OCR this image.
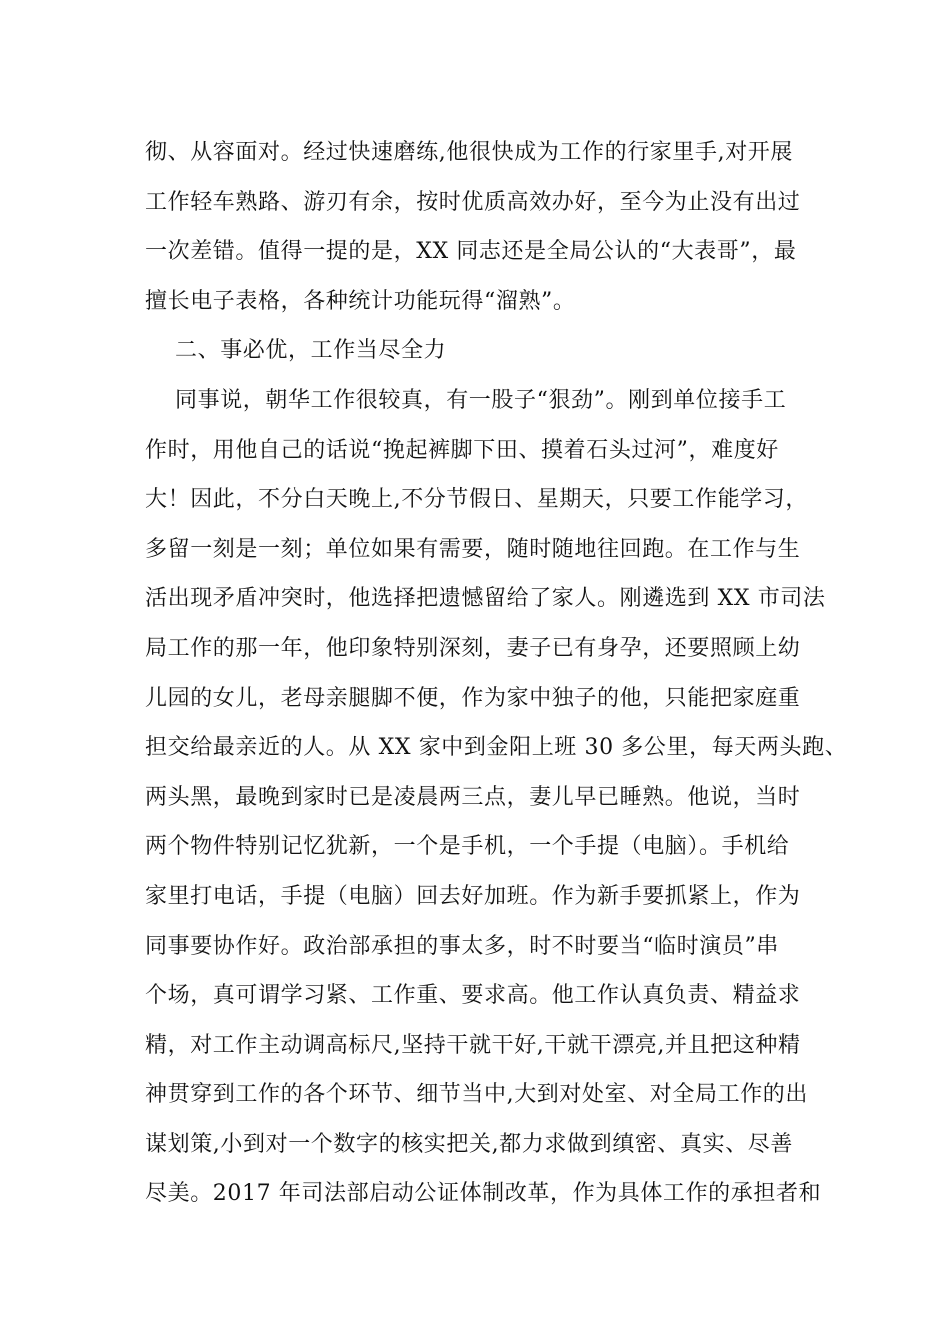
彻、从容面对。经过快速磨练,他很快成为工作的行家里手,对开展
工作轻车熟路、游刃有余，按时优质高效办好，至今为止没有出过
一次差错。值得一提的是，XX 同志还是全局公认的“大表哥”，最
擅长电子表格，各种统计功能玩得“溜熟”。
二、事必优，工作当尽全力
同事说，朝华工作很较真，有一股子“狠劲”。刚到单位接手工
作时，用他自己的话说“挽起裤脚下田、摸着石头过河”，难度好
大！因此，不分白天晚上,不分节假日、星期天，只要工作能学习，
多留一刻是一刻；单位如果有需要，随时随地往回跑。在工作与生
活出现矛盾冲突时，他选择把遗憾留给了家人。刚遴选到 XX 市司法
局工作的那一年，他印象特别深刻，妻子已有身孕，还要照顾上幼
儿园的女儿，老母亲腿脚不便，作为家中独子的他，只能把家庭重
担交给最亲近的人。从 XX 家中到金阳上班 30 多公里，每天两头跑、
两头黑，最晚到家时已是凌晨两三点，妻儿早已睡熟。他说，当时
两个物件特别记忆犹新，一个是手机，一个手提（电脑）。手机给
家里打电话，手提（电脑）回去好加班。作为新手要抓紧上，作为
同事要协作好。政治部承担的事太多，时不时要当“临时演员”串
个场，真可谓学习紧、工作重、要求高。他工作认真负责、精益求
精，对工作主动调高标尺,坚持干就干好,干就干漂亮,并且把这种精
神贯穿到工作的各个环节、细节当中,大到对处室、对全局工作的出
谋划策,小到对一个数字的核实把关,都力求做到缜密、真实、尽善
尽美。2017 年司法部启动公证体制改革，作为具体工作的承担者和
